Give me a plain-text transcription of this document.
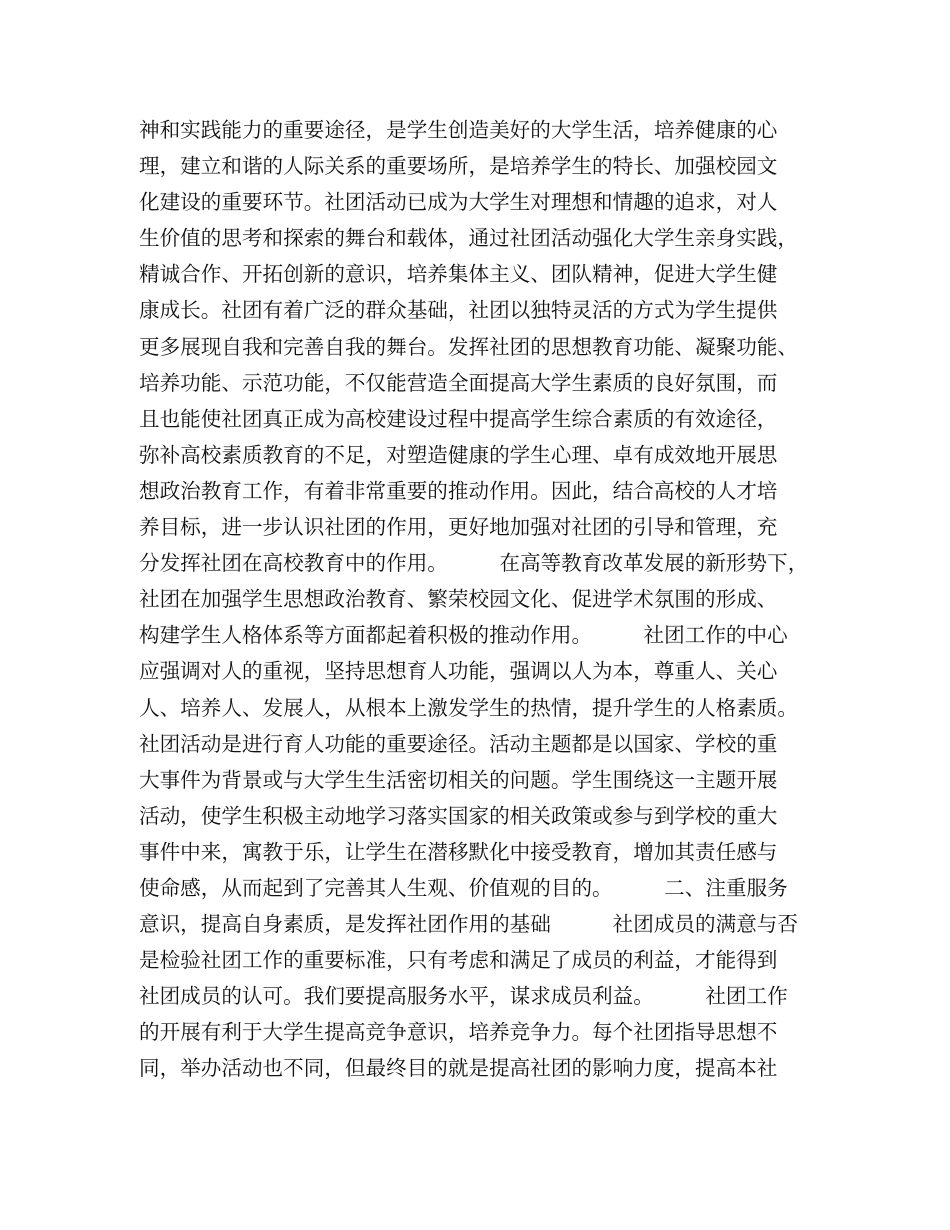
神和实践能力的重要途径，是学生创造美好的大学生活，培养健康的心
理，建立和谐的人际关系的重要场所，是培养学生的特长、加强校园文
化建设的重要环节。社团活动已成为大学生对理想和情趣的追求，对人
生价值的思考和探索的舞台和载体，通过社团活动强化大学生亲身实践，
精诚合作、开拓创新的意识，培养集体主义、团队精神，促进大学生健
康成长。社团有着广泛的群众基础，社团以独特灵活的方式为学生提供
更多展现自我和完善自我的舞台。发挥社团的思想教育功能、凝聚功能、
培养功能、示范功能，不仅能营造全面提高大学生素质的良好氛围，而
且也能使社团真正成为高校建设过程中提高学生综合素质的有效途径，
弥补高校素质教育的不足，对塑造健康的学生心理、卓有成效地开展思
想政治教育工作，有着非常重要的推动作用。因此，结合高校的人才培
养目标，进一步认识社团的作用，更好地加强对社团的引导和管理，充
分发挥社团在高校教育中的作用。　　　在高等教育改革发展的新形势下，
社团在加强学生思想政治教育、繁荣校园文化、促进学术氛围的形成、
构建学生人格体系等方面都起着积极的推动作用。　　　社团工作的中心
应强调对人的重视，坚持思想育人功能，强调以人为本，尊重人、关心
人、培养人、发展人，从根本上激发学生的热情，提升学生的人格素质。
社团活动是进行育人功能的重要途径。活动主题都是以国家、学校的重
大事件为背景或与大学生生活密切相关的问题。学生围绕这一主题开展
活动，使学生积极主动地学习落实国家的相关政策或参与到学校的重大
事件中来，寓教于乐，让学生在潜移默化中接受教育，增加其责任感与
使命感，从而起到了完善其人生观、价值观的目的。　　　二、注重服务
意识，提高自身素质，是发挥社团作用的基础　　　社团成员的满意与否
是检验社团工作的重要标准，只有考虑和满足了成员的利益，才能得到
社团成员的认可。我们要提高服务水平，谋求成员利益。　　　社团工作
的开展有利于大学生提高竞争意识，培养竞争力。每个社团指导思想不
同，举办活动也不同，但最终目的就是提高社团的影响力度，提高本社
